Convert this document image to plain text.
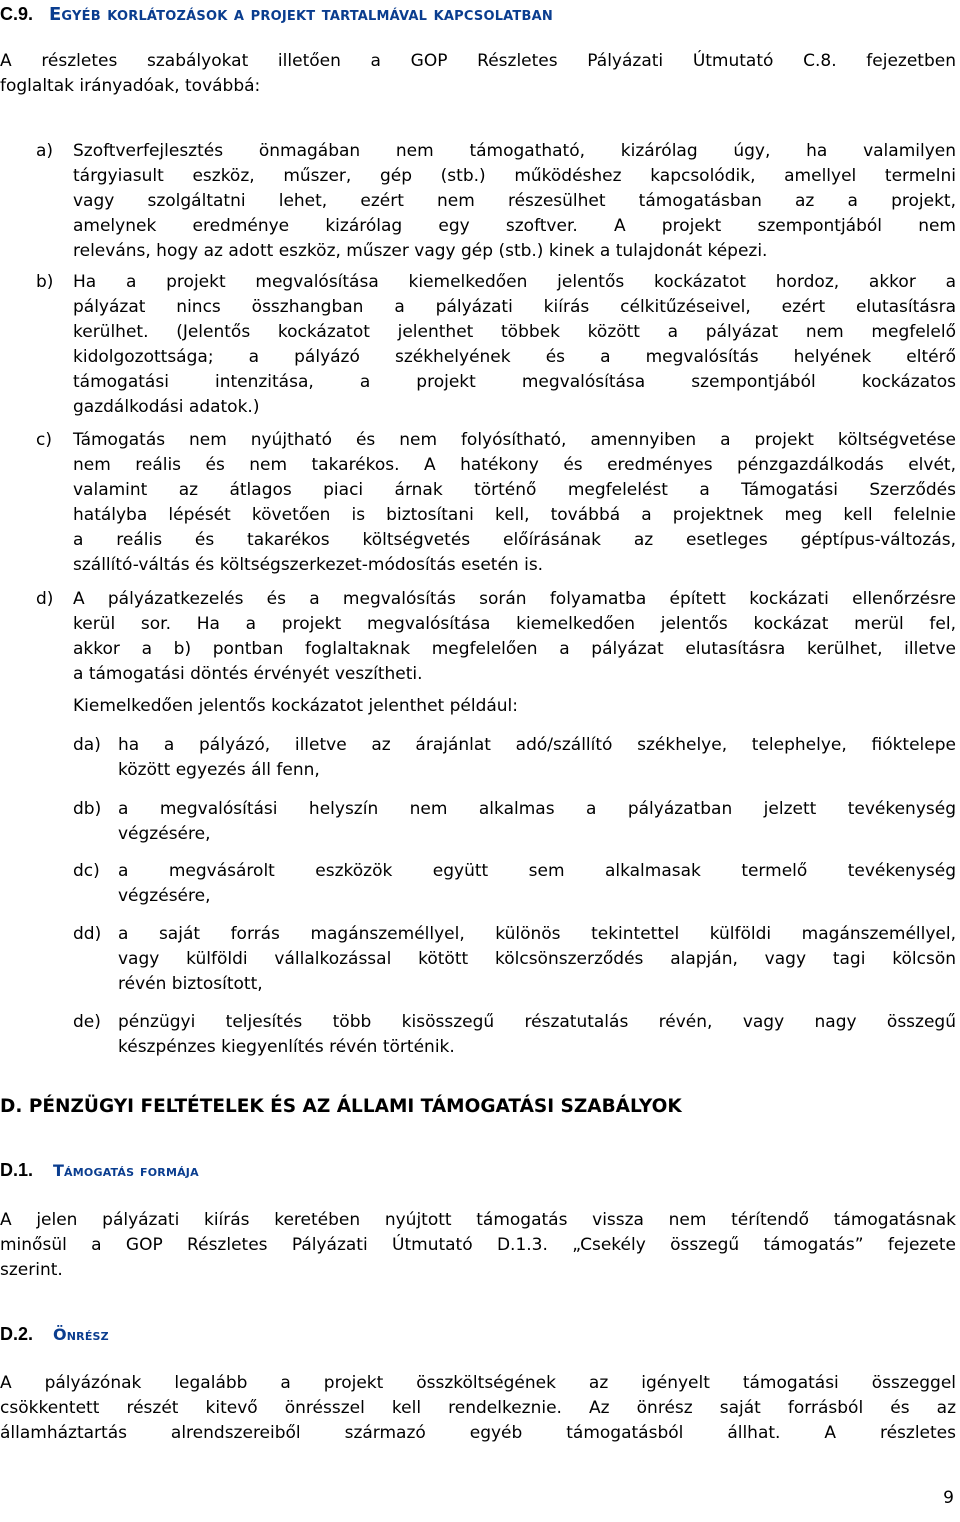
C.9. Egyéb korlátozások a projekt tartalmával kapcsolatban
A részletes szabályokat illetően a GOP Részletes Pályázati Útmutató C.8. fejezetben
foglaltak irányadóak, továbbá:
a) Szoftverfejlesztés önmagában nem támogatható, kizárólag úgy, ha valamilyen
tárgyiasult eszköz, műszer, gép (stb.) működéshez kapcsolódik, amellyel termelni
vagy szolgáltatni lehet, ezért nem részesülhet támogatásban az a projekt,
amelynek eredménye kizárólag egy szoftver. A projekt szempontjából nem
releváns, hogy az adott eszköz, műszer vagy gép (stb.) kinek a tulajdonát képezi.
b) Ha a projekt megvalósítása kiemelkedően jelentős kockázatot hordoz, akkor a
pályázat nincs összhangban a pályázati kiírás célkitűzéseivel, ezért elutasításra
kerülhet. (Jelentős kockázatot jelenthet többek között a pályázat nem megfelelő
kidolgozottsága; a pályázó székhelyének és a megvalósítás helyének eltérő
támogatási intenzitása, a projekt megvalósítása szempontjából kockázatos
gazdálkodási adatok.)
c) Támogatás nem nyújtható és nem folyósítható, amennyiben a projekt költségvetése
nem reális és nem takarékos. A hatékony és eredményes pénzgazdálkodás elvét,
valamint az átlagos piaci árnak történő megfelelést a Támogatási Szerződés
hatályba lépését követően is biztosítani kell, továbbá a projektnek meg kell felelnie
a reális és takarékos költségvetés előírásának az esetleges géptípus-változás,
szállító-váltás és költségszerkezet-módosítás esetén is.
d) A pályázatkezelés és a megvalósítás során folyamatba épített kockázati ellenőrzésre
kerül sor. Ha a projekt megvalósítása kiemelkedően jelentős kockázat merül fel,
akkor a b) pontban foglaltaknak megfelelően a pályázat elutasításra kerülhet, illetve
a támogatási döntés érvényét veszítheti.
Kiemelkedően jelentős kockázatot jelenthet például:
da) ha a pályázó, illetve az árajánlat adó/szállító székhelye, telephelye, fióktelepe
között egyezés áll fenn,
db) a megvalósítási helyszín nem alkalmas a pályázatban jelzett tevékenység
végzésére,
dc) a megvásárolt eszközök együtt sem alkalmasak termelő tevékenység
végzésére,
dd) a saját forrás magánszeméllyel, különös tekintettel külföldi magánszeméllyel,
vagy külföldi vállalkozással kötött kölcsönszerződés alapján, vagy tagi kölcsön
révén biztosított,
de) pénzügyi teljesítés több kisösszegű részatutalás révén, vagy nagy összegű
készpénzes kiegyenlítés révén történik.
D. PÉNZÜGYI FELTÉTELEK ÉS AZ ÁLLAMI TÁMOGATÁSI SZABÁLYOK
D.1. Támogatás formája
A jelen pályázati kiírás keretében nyújtott támogatás vissza nem térítendő támogatásnak
minősül a GOP Részletes Pályázati Útmutató D.1.3. „Csekély összegű támogatás” fejezete
szerint.
D.2. Önrész
A pályázónak legalább a projekt összköltségének az igényelt támogatási összeggel
csökkentett részét kitevő önrésszel kell rendelkeznie. Az önrész saját forrásból és az
államháztartás alrendszereiből származó egyéb támogatásból állhat. A részletes
9
